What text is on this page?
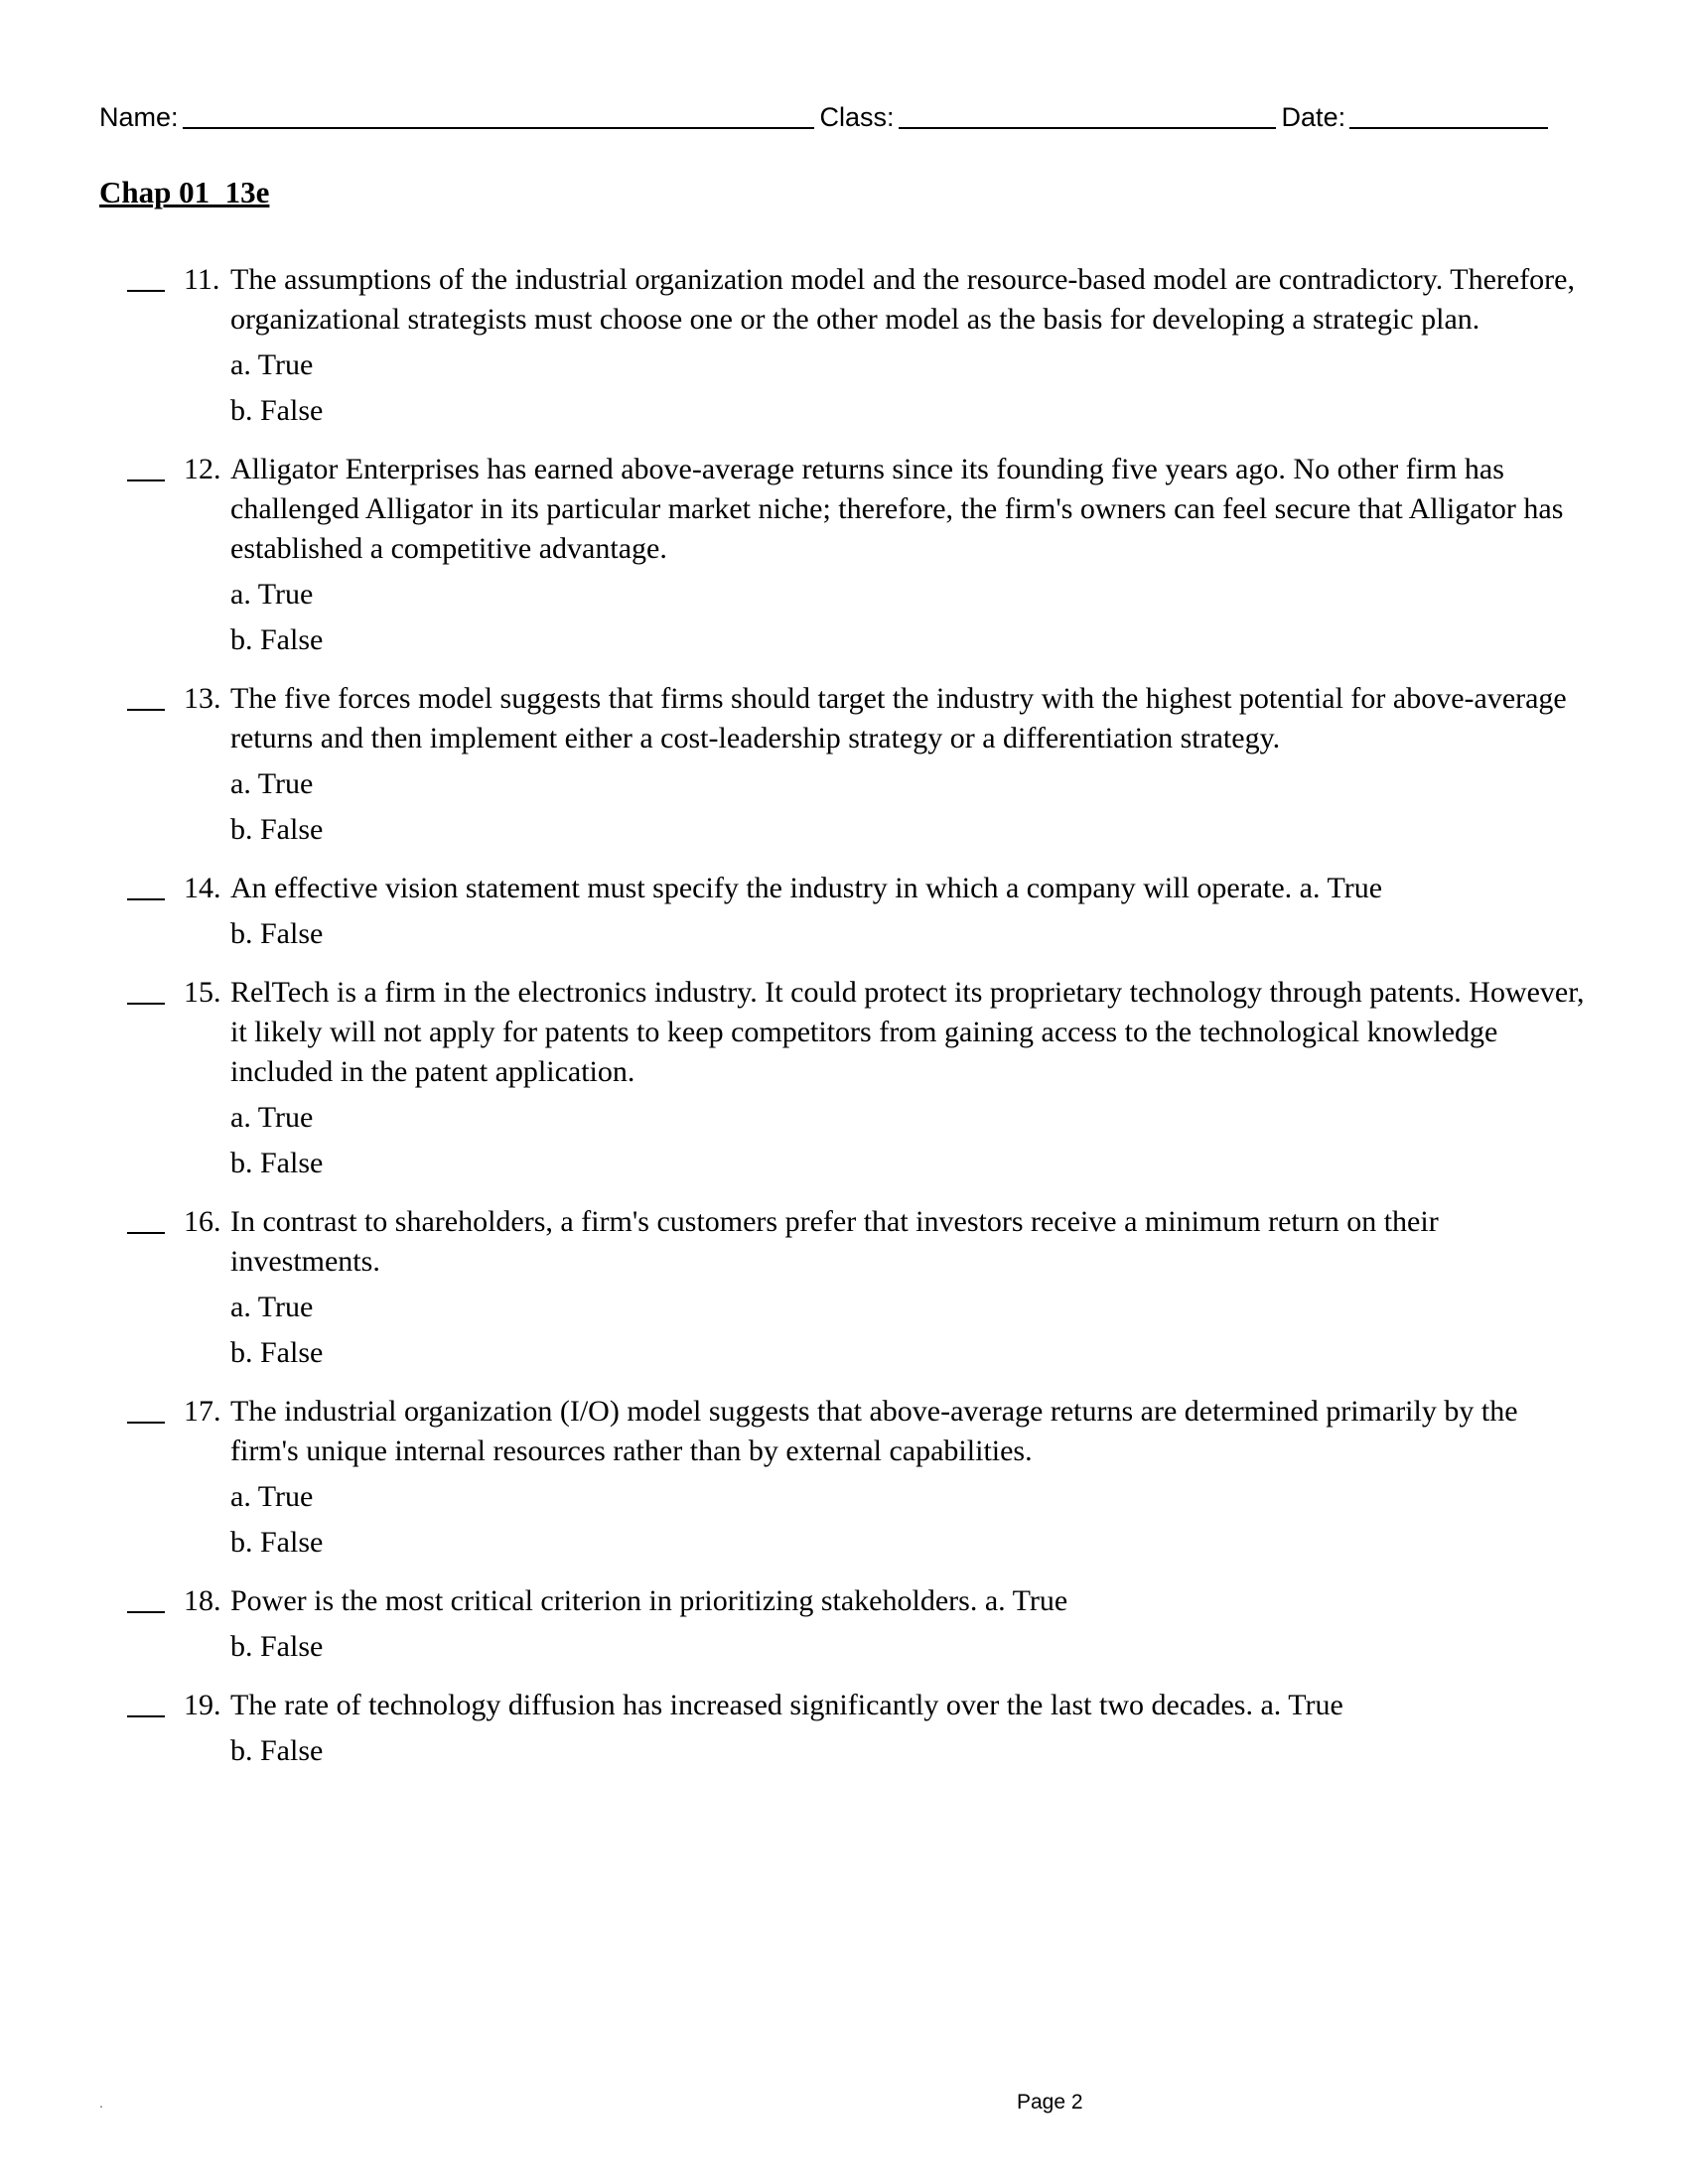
Name:	Class:	Date:
Chap 01_13e
11. The assumptions of the industrial organization model and the resource-based model are contradictory. Therefore, organizational strategists must choose one or the other model as the basis for developing a strategic plan.
a. True
b. False
12. Alligator Enterprises has earned above-average returns since its founding five years ago. No other firm has challenged Alligator in its particular market niche; therefore, the firm's owners can feel secure that Alligator has established a competitive advantage.
a. True
b. False
13. The five forces model suggests that firms should target the industry with the highest potential for above-average returns and then implement either a cost-leadership strategy or a differentiation strategy.
a. True
b. False
14. An effective vision statement must specify the industry in which a company will operate. a. True
b. False
15. RelTech is a firm in the electronics industry. It could protect its proprietary technology through patents. However, it likely will not apply for patents to keep competitors from gaining access to the technological knowledge included in the patent application.
a. True
b. False
16. In contrast to shareholders, a firm's customers prefer that investors receive a minimum return on their investments.
a. True
b. False
17. The industrial organization (I/O) model suggests that above-average returns are determined primarily by the firm's unique internal resources rather than by external capabilities.
a. True
b. False
18. Power is the most critical criterion in prioritizing stakeholders. a. True
b. False
19. The rate of technology diffusion has increased significantly over the last two decades. a. True
b. False
.	Page 2
